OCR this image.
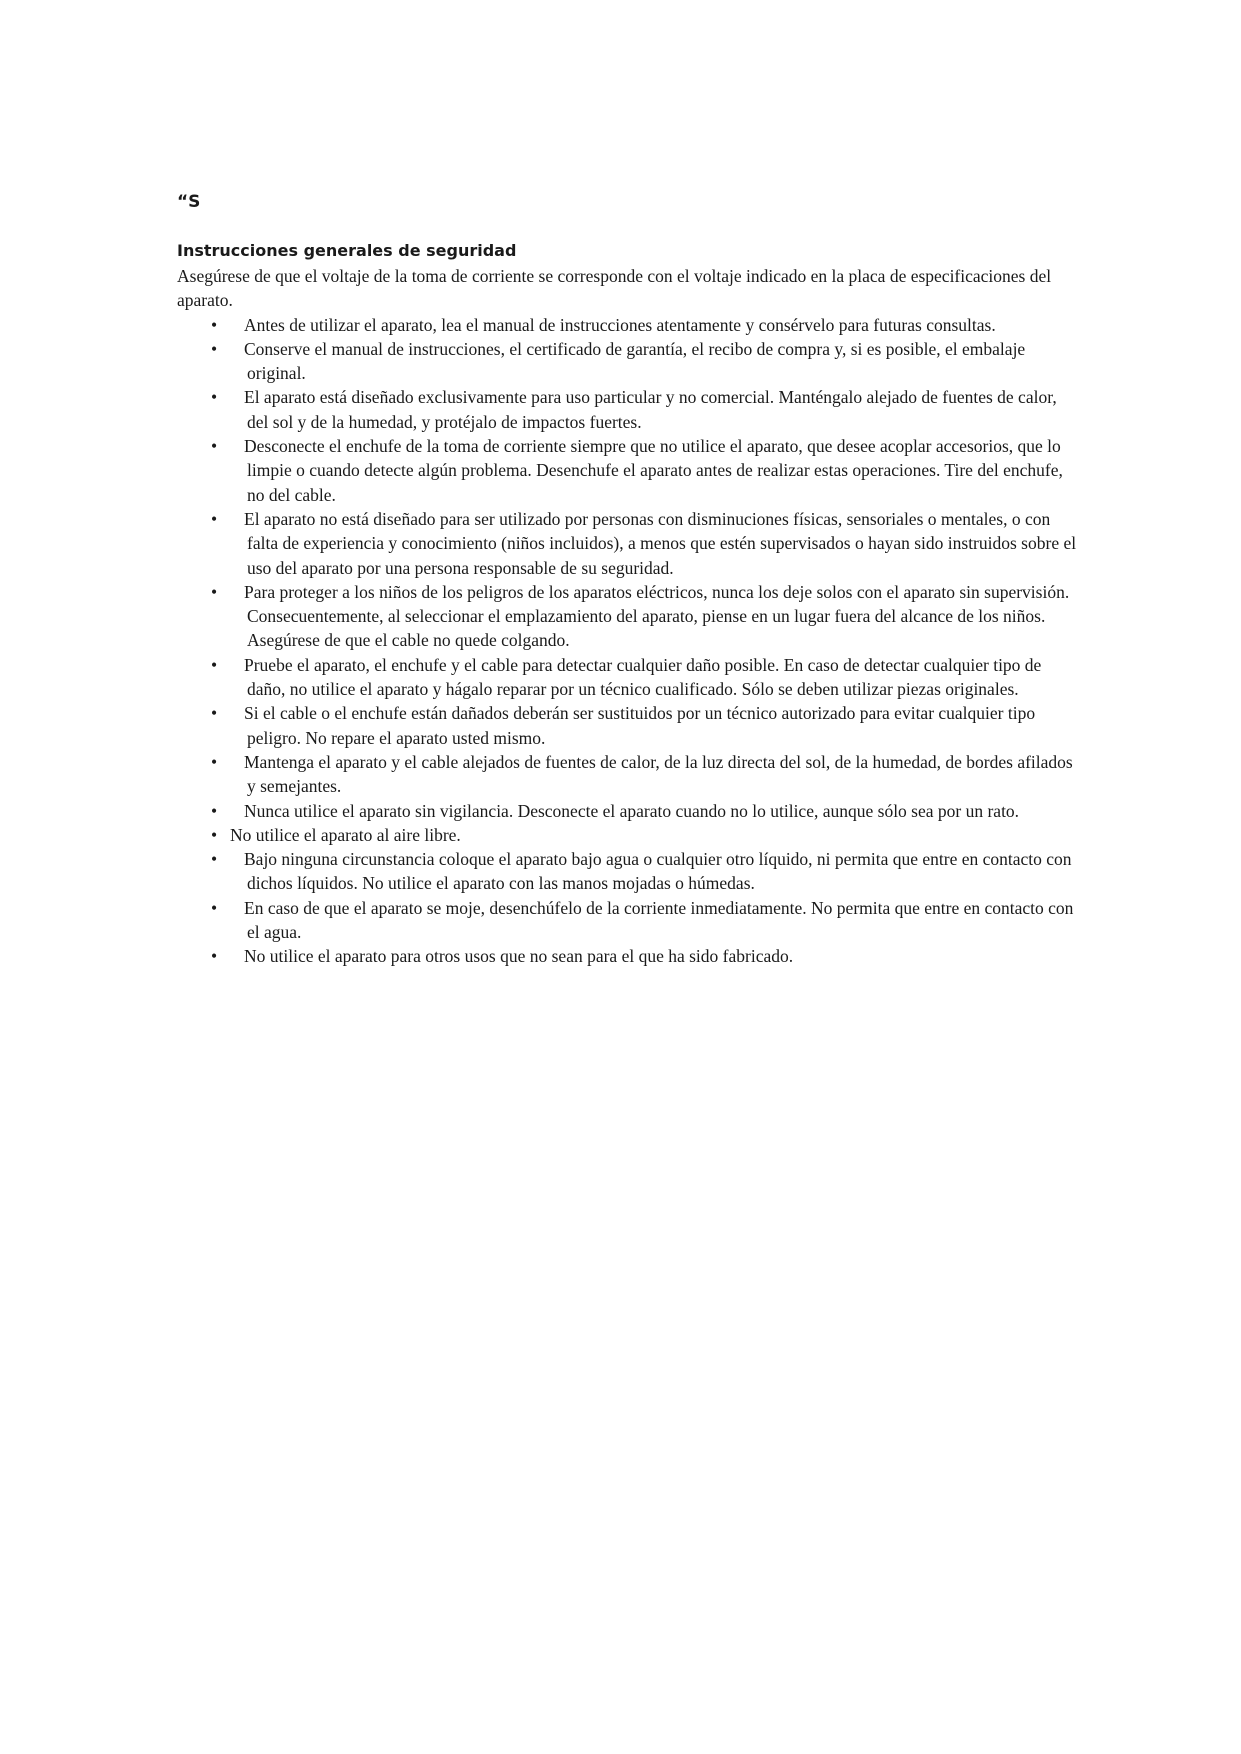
“S

Instrucciones generales de seguridad

Asegúrese de que el voltaje de la toma de corriente se corresponde con el voltaje indicado en la placa de especificaciones del aparato.

• Antes de utilizar el aparato, lea el manual de instrucciones atentamente y consérvelo para futuras consultas.
• Conserve el manual de instrucciones, el certificado de garantía, el recibo de compra y, si es posible, el embalaje original.
• El aparato está diseñado exclusivamente para uso particular y no comercial. Manténgalo alejado de fuentes de calor, del sol y de la humedad, y protéjalo de impactos fuertes.
• Desconecte el enchufe de la toma de corriente siempre que no utilice el aparato, que desee acoplar accesorios, que lo limpie o cuando detecte algún problema. Desenchufe el aparato antes de realizar estas operaciones. Tire del enchufe, no del cable.
• El aparato no está diseñado para ser utilizado por personas con disminuciones físicas, sensoriales o mentales, o con falta de experiencia y conocimiento (niños incluidos), a menos que estén supervisados o hayan sido instruidos sobre el uso del aparato por una persona responsable de su seguridad.
• Para proteger a los niños de los peligros de los aparatos eléctricos, nunca los deje solos con el aparato sin supervisión. Consecuentemente, al seleccionar el emplazamiento del aparato, piense en un lugar fuera del alcance de los niños. Asegúrese de que el cable no quede colgando.
• Pruebe el aparato, el enchufe y el cable para detectar cualquier daño posible. En caso de detectar cualquier tipo de daño, no utilice el aparato y hágalo reparar por un técnico cualificado. Sólo se deben utilizar piezas originales.
• Si el cable o el enchufe están dañados deberán ser sustituidos por un técnico autorizado para evitar cualquier tipo peligro. No repare el aparato usted mismo.
• Mantenga el aparato y el cable alejados de fuentes de calor, de la luz directa del sol, de la humedad, de bordes afilados y semejantes.
• Nunca utilice el aparato sin vigilancia. Desconecte el aparato cuando no lo utilice, aunque sólo sea por un rato.
• No utilice el aparato al aire libre.
• Bajo ninguna circunstancia coloque el aparato bajo agua o cualquier otro líquido, ni permita que entre en contacto con dichos líquidos. No utilice el aparato con las manos mojadas o húmedas.
• En caso de que el aparato se moje, desenchúfelo de la corriente inmediatamente. No permita que entre en contacto con el agua.
• No utilice el aparato para otros usos que no sean para el que ha sido fabricado.
